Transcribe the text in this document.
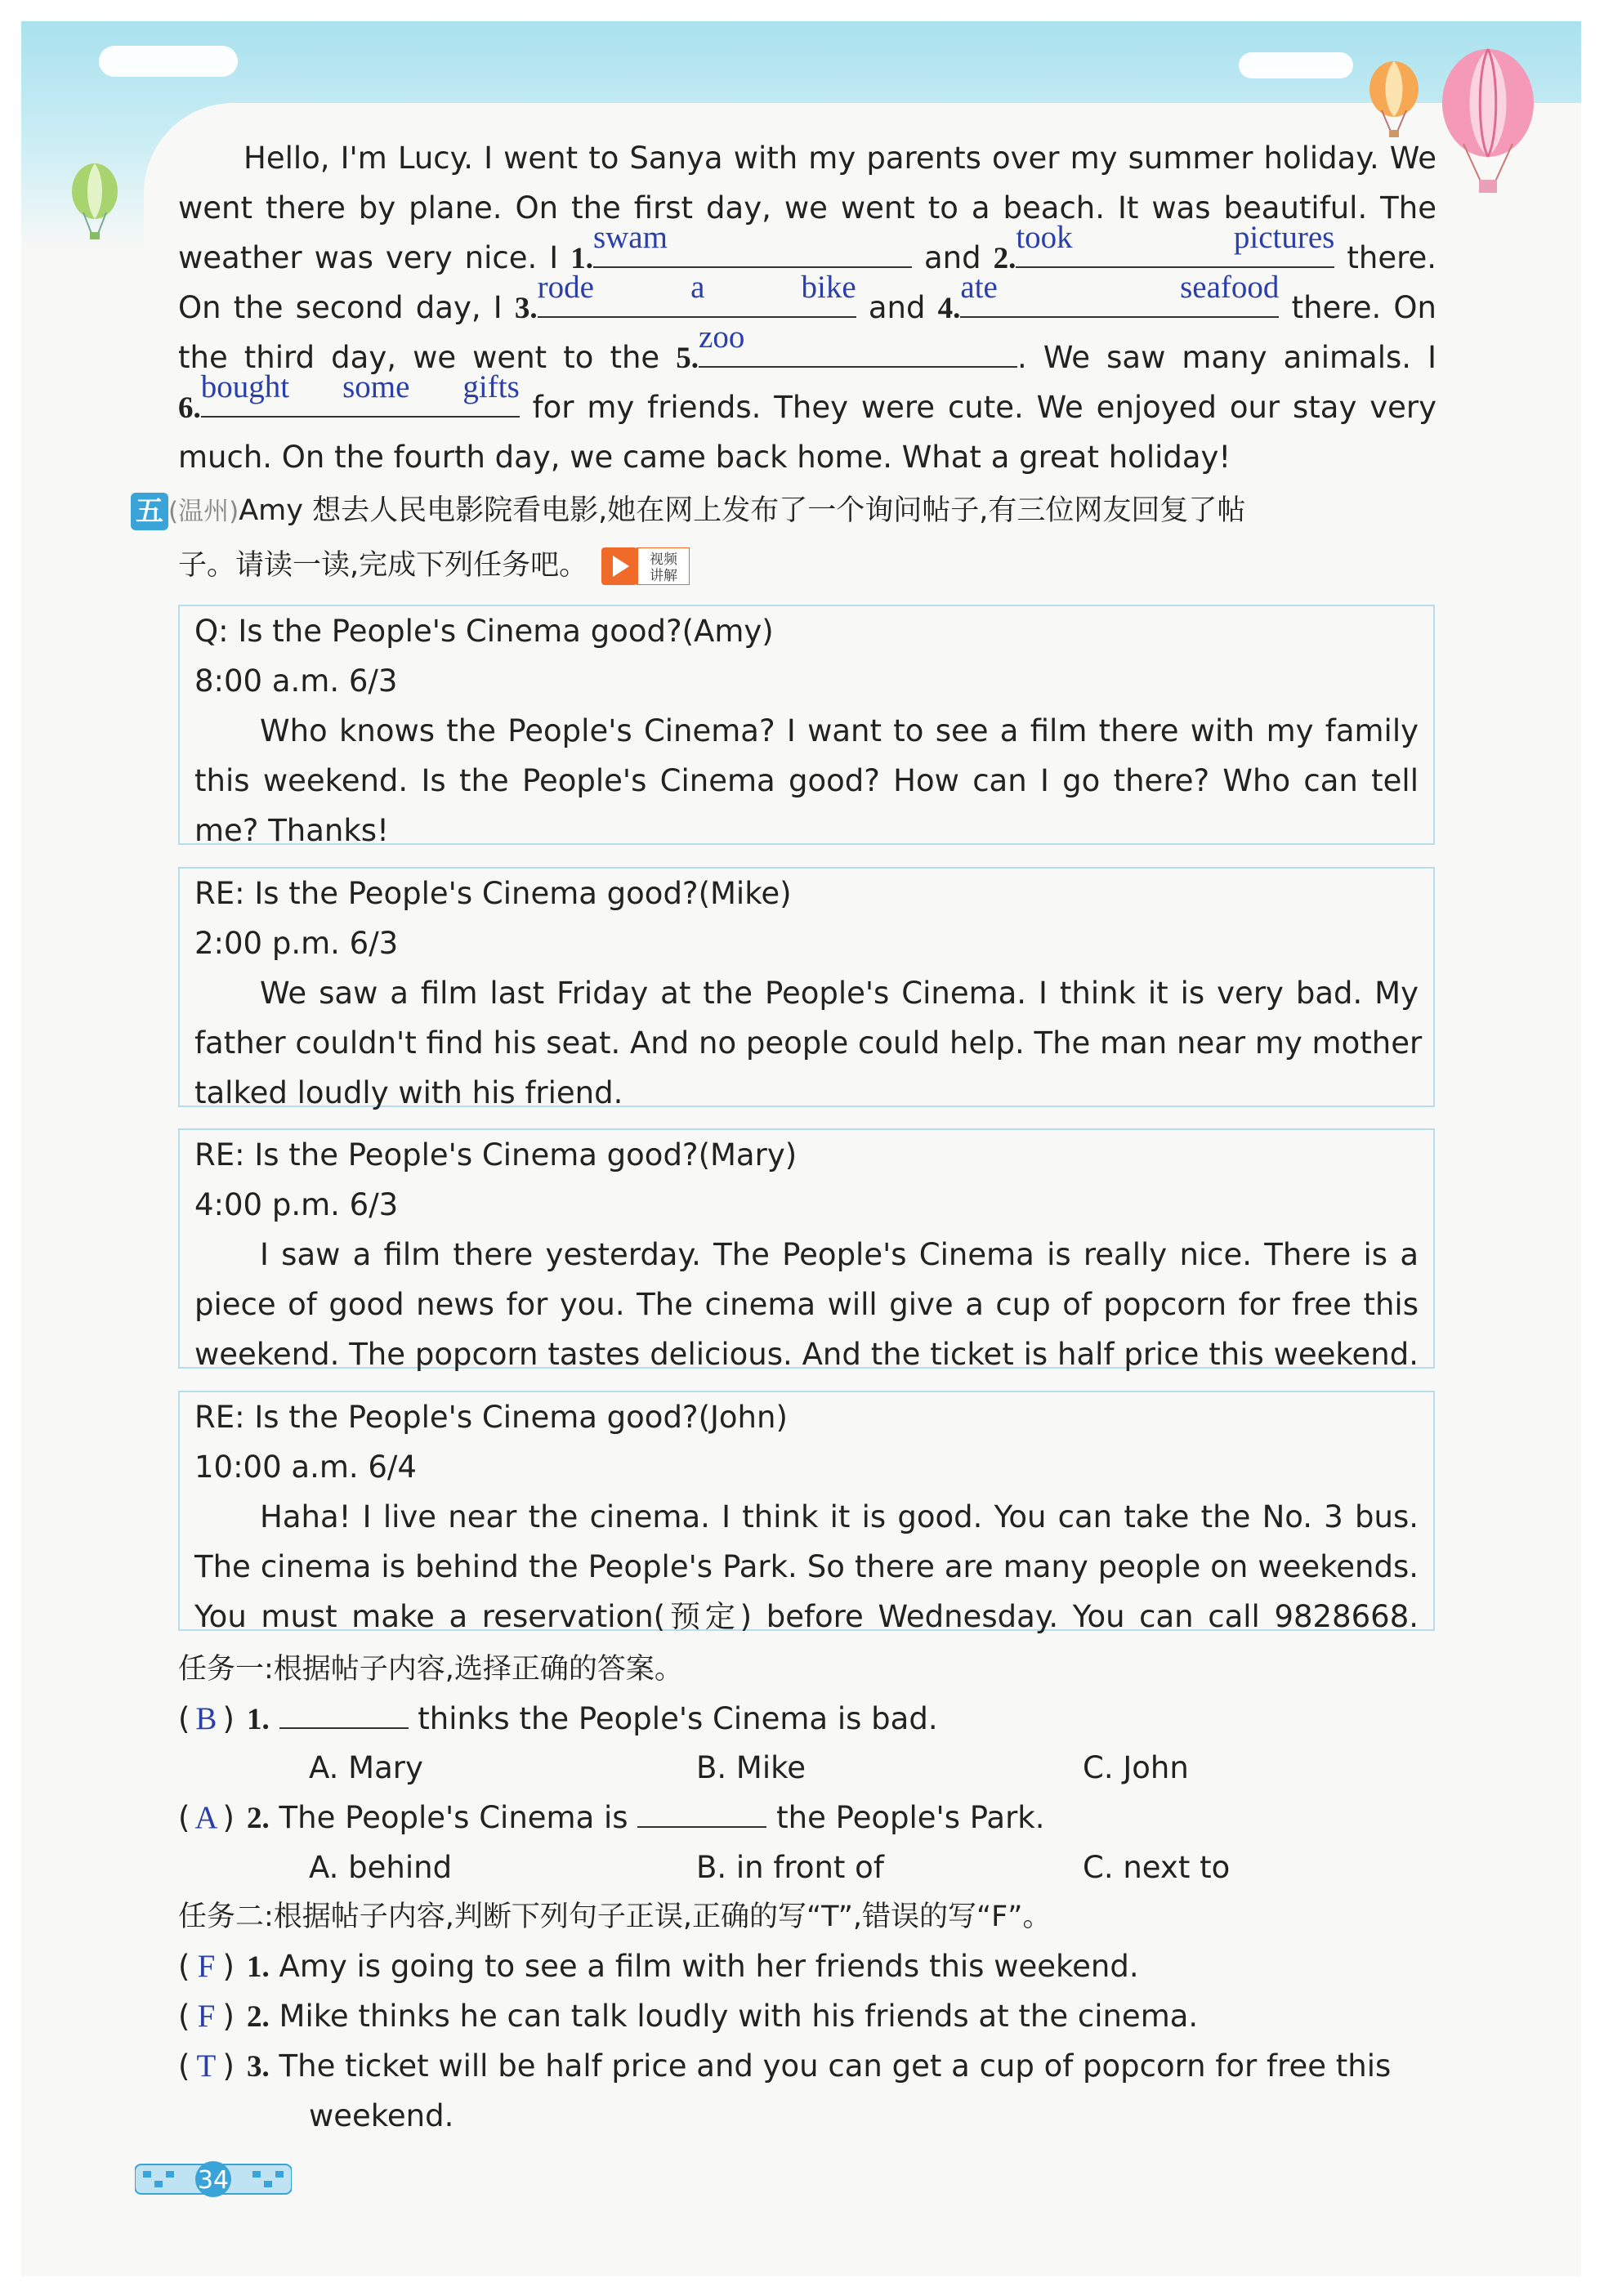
Hello, I'm Lucy. I went to Sanya with my parents over my summer holiday. We
went there by plane. On the first day, we went to a beach. It was beautiful. The
weather was very nice. I 1.
swam
and 2.
took pictures
there.
On the second day, I 3.
rode a bike
and 4.
ate seafood
there. On
the third day, we went to the 5.
zoo
. We saw many animals. I
6.
bought some gifts
for my friends. They were cute. We enjoyed our stay very
much. On the fourth day, we came back home. What a great holiday!
五 (温州)Amy 想去人民电影院看电影,她在网上发布了一个询问帖子,有三位网友回复了帖
子。请读一读,完成下列任务吧。	视频
讲解
Q: Is the People's Cinema good?(Amy)
8:00 a.m. 6/3
Who knows the People's Cinema? I want to see a film there with my family
this weekend. Is the People's Cinema good? How can I go there? Who can tell
me? Thanks!
RE: Is the People's Cinema good?(Mike)
2:00 p.m. 6/3
We saw a film last Friday at the People's Cinema. I think it is very bad. My
father couldn't find his seat. And no people could help. The man near my mother
talked loudly with his friend.
RE: Is the People's Cinema good?(Mary)
4:00 p.m. 6/3
I saw a film there yesterday. The People's Cinema is really nice. There is a
piece of good news for you. The cinema will give a cup of popcorn for free this
weekend. The popcorn tastes delicious. And the ticket is half price this weekend.
RE: Is the People's Cinema good?(John)
10:00 a.m. 6/4
Haha! I live near the cinema. I think it is good. You can take the No. 3 bus.
The cinema is behind the People's Park. So there are many people on weekends.
You must make a reservation(预定) before Wednesday. You can call 9828668.
任务一:根据帖子内容,选择正确的答案。
( B ) 1.	thinks the People's Cinema is bad.
A. Mary	B. Mike	C. John
( A ) 2. The People's Cinema is	the People's Park.
A. behind	B. in front of	C. next to
任务二:根据帖子内容,判断下列句子正误,正确的写“T”,错误的写“F”。
( F ) 1. Amy is going to see a film with her friends this weekend.
( F ) 2. Mike thinks he can talk loudly with his friends at the cinema.
( T ) 3. The ticket will be half price and you can get a cup of popcorn for free this
weekend.
34
